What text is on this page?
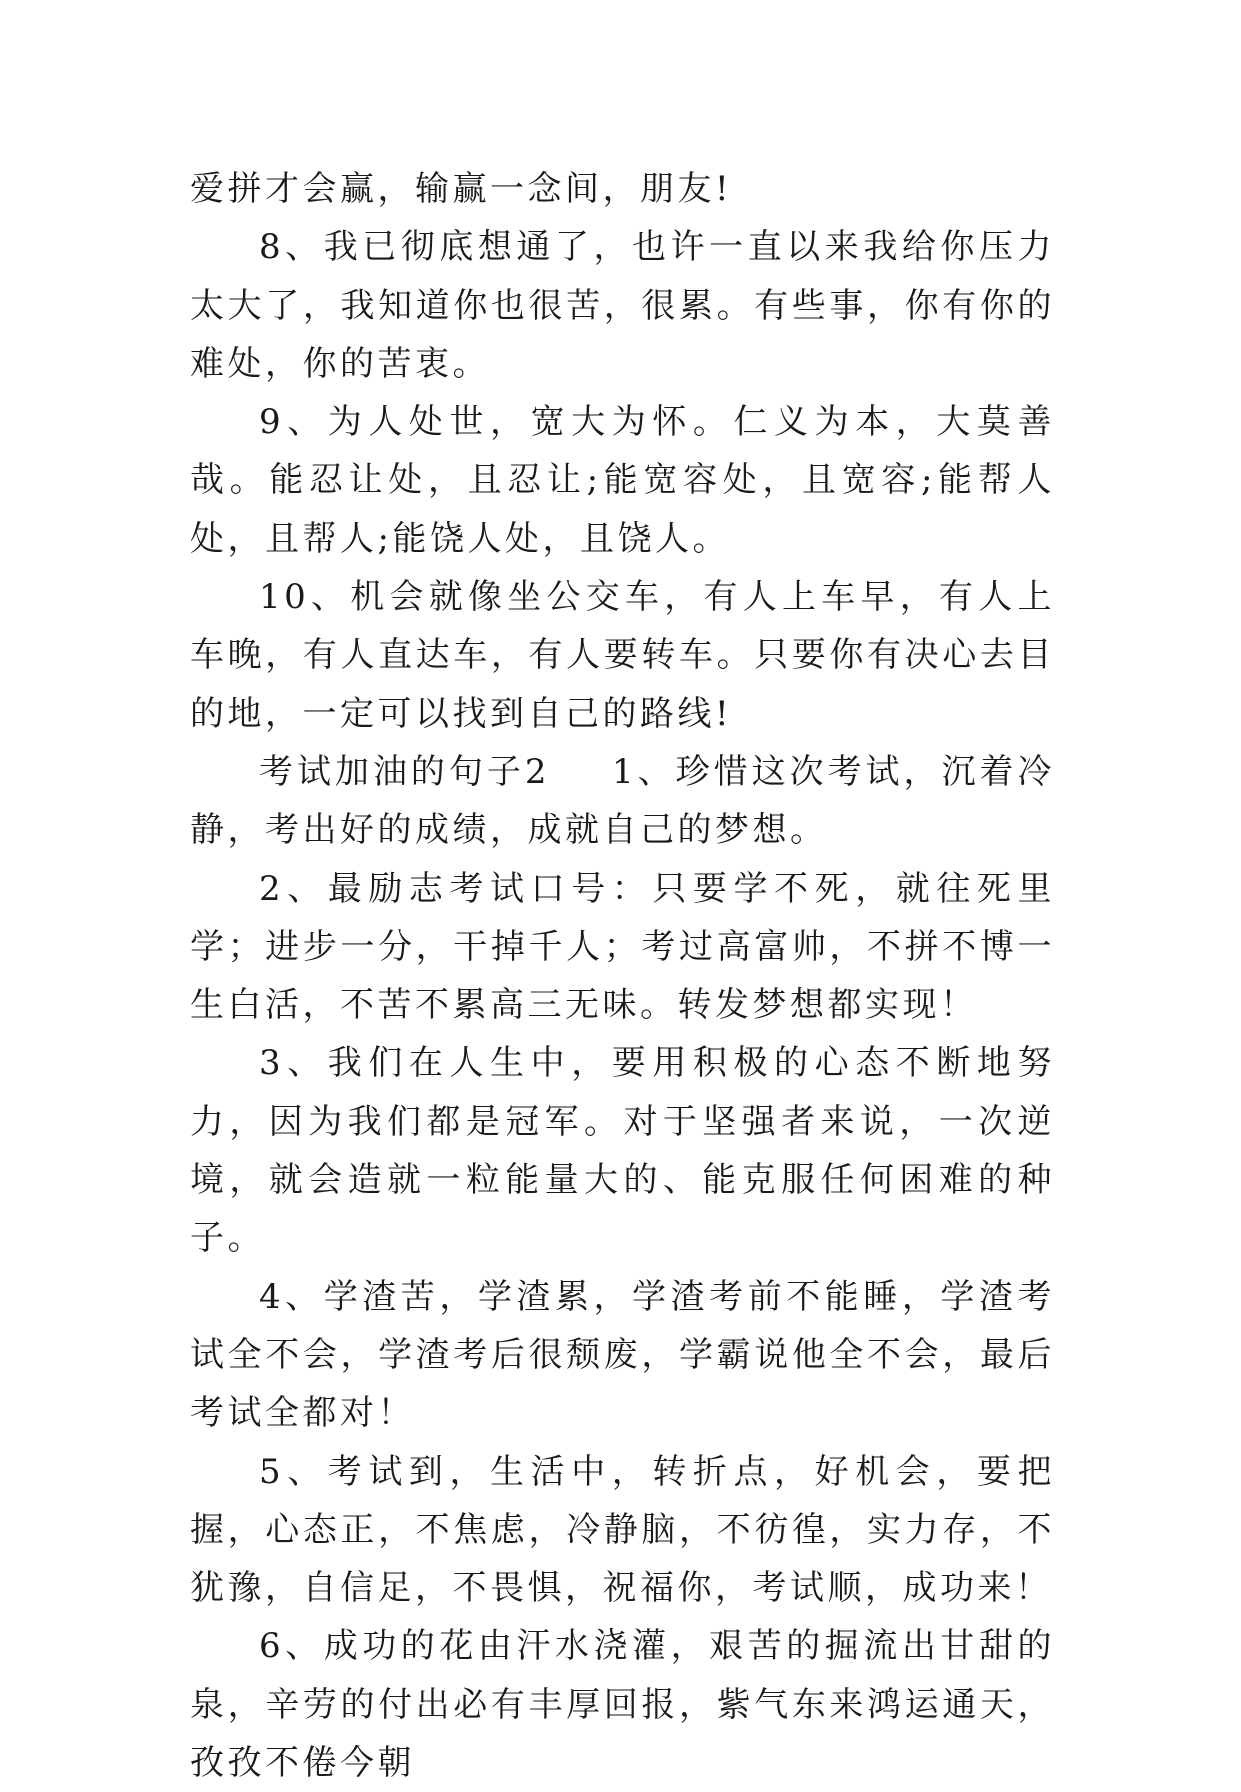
爱拼才会赢，输赢一念间，朋友!

8、我已彻底想通了，也许一直以来我给你压力太大了，我知道你也很苦，很累。有些事，你有你的难处，你的苦衷。

9、为人处世，宽大为怀。仁义为本，大莫善哉。能忍让处，且忍让;能宽容处，且宽容;能帮人处，且帮人;能饶人处，且饶人。

10、机会就像坐公交车，有人上车早，有人上车晚，有人直达车，有人要转车。只要你有决心去目的地，一定可以找到自己的路线!

考试加油的句子2 1、珍惜这次考试，沉着冷静，考出好的成绩，成就自己的梦想。

2、最励志考试口号：只要学不死，就往死里学；进步一分，干掉千人；考过高富帅，不拼不博一生白活，不苦不累高三无味。转发梦想都实现！

3、我们在人生中，要用积极的心态不断地努力，因为我们都是冠军。对于坚强者来说，一次逆境，就会造就一粒能量大的、能克服任何困难的种子。

4、学渣苦，学渣累，学渣考前不能睡，学渣考试全不会，学渣考后很颓废，学霸说他全不会，最后考试全都对！

5、考试到，生活中，转折点，好机会，要把握，心态正，不焦虑，冷静脑，不彷徨，实力存，不犹豫，自信足，不畏惧，祝福你，考试顺，成功来！

6、成功的花由汗水浇灌，艰苦的掘流出甘甜的泉，辛劳的付出必有丰厚回报，紫气东来鸿运通天，孜孜不倦今朝
